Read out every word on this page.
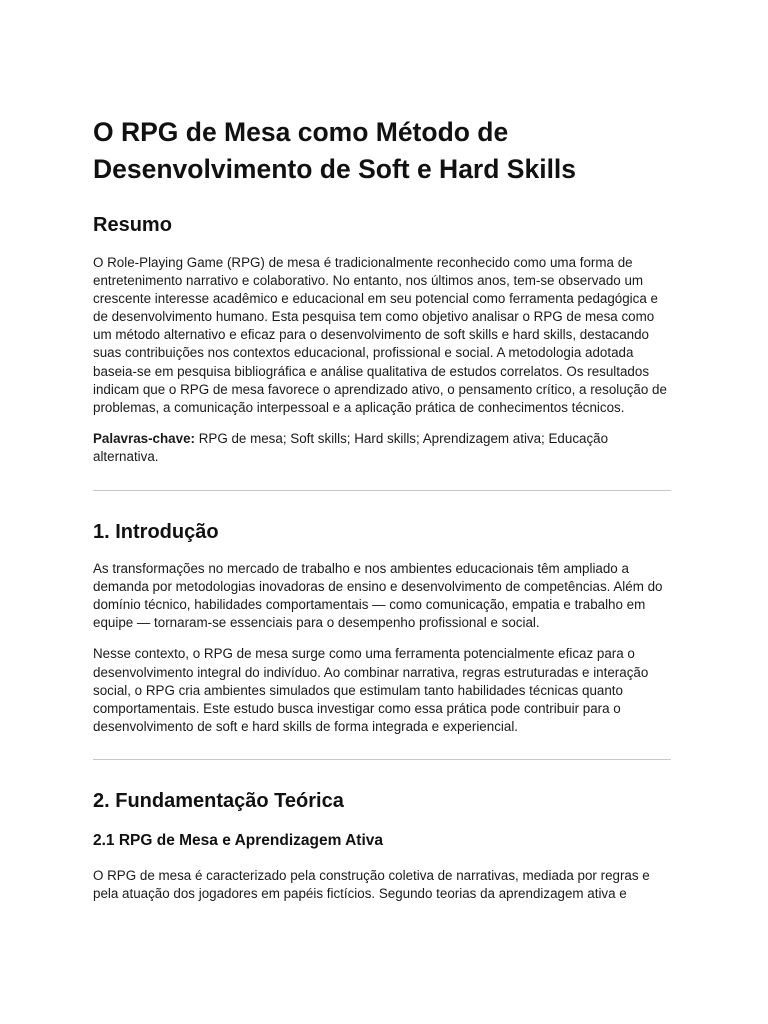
O RPG de Mesa como Método de Desenvolvimento de Soft e Hard Skills
Resumo

O Role-Playing Game (RPG) de mesa é tradicionalmente reconhecido como uma forma de entretenimento narrativo e colaborativo. No entanto, nos últimos anos, tem-se observado um crescente interesse acadêmico e educacional em seu potencial como ferramenta pedagógica e de desenvolvimento humano. Esta pesquisa tem como objetivo analisar o RPG de mesa como um método alternativo e eficaz para o desenvolvimento de soft skills e hard skills, destacando suas contribuições nos contextos educacional, profissional e social. A metodologia adotada baseia-se em pesquisa bibliográfica e análise qualitativa de estudos correlatos. Os resultados indicam que o RPG de mesa favorece o aprendizado ativo, o pensamento crítico, a resolução de problemas, a comunicação interpessoal e a aplicação prática de conhecimentos técnicos.

Palavras-chave: RPG de mesa; Soft skills; Hard skills; Aprendizagem ativa; Educação alternativa.

1. Introdução

As transformações no mercado de trabalho e nos ambientes educacionais têm ampliado a demanda por metodologias inovadoras de ensino e desenvolvimento de competências. Além do domínio técnico, habilidades comportamentais — como comunicação, empatia e trabalho em equipe — tornaram-se essenciais para o desempenho profissional e social.

Nesse contexto, o RPG de mesa surge como uma ferramenta potencialmente eficaz para o desenvolvimento integral do indivíduo. Ao combinar narrativa, regras estruturadas e interação social, o RPG cria ambientes simulados que estimulam tanto habilidades técnicas quanto comportamentais. Este estudo busca investigar como essa prática pode contribuir para o desenvolvimento de soft e hard skills de forma integrada e experiencial.

2. Fundamentação Teórica
2.1 RPG de Mesa e Aprendizagem Ativa

O RPG de mesa é caracterizado pela construção coletiva de narrativas, mediada por regras e pela atuação dos jogadores em papéis fictícios. Segundo teorias da aprendizagem ativa e
